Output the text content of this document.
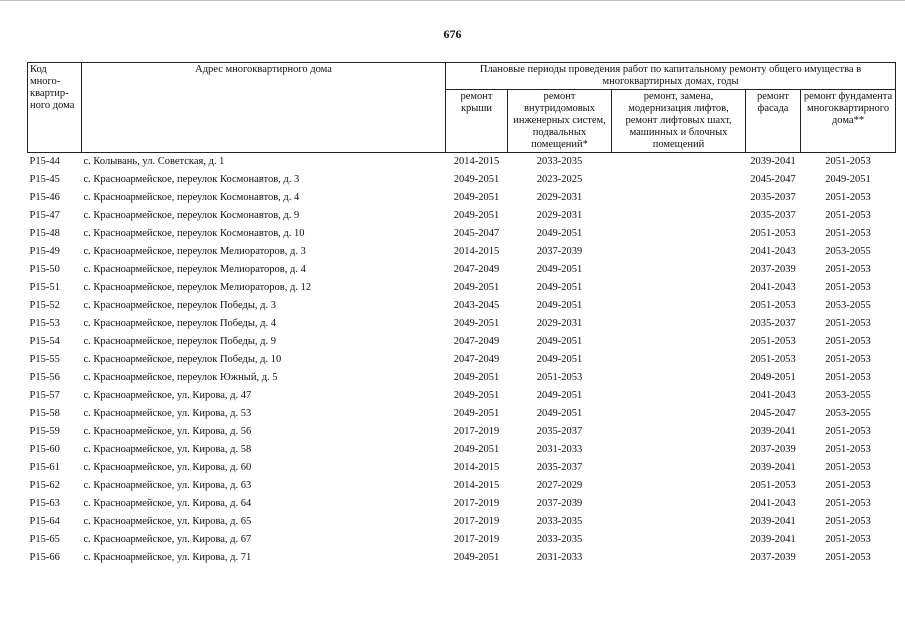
676
Код много-квартир-ного дома	Адрес многоквартирного дома	Плановые периоды проведения работ по капитальному ремонту общего имущества в многоквартирных домах, годы				
		ремонт крыши	ремонт внутридомовых инженерных систем, подвальных помещений*	ремонт, замена, модернизация лифтов, ремонт лифтовых шахт, машинных и блочных помещений	ремонт фасада	ремонт фундамента многоквартирного дома**
P15-44	с. Колывань, ул. Советская, д. 1	2014-2015	2033-2035		2039-2041	2051-2053
P15-45	с. Красноармейское, переулок Космонавтов, д. 3	2049-2051	2023-2025		2045-2047	2049-2051
P15-46	с. Красноармейское, переулок Космонавтов, д. 4	2049-2051	2029-2031		2035-2037	2051-2053
P15-47	с. Красноармейское, переулок Космонавтов, д. 9	2049-2051	2029-2031		2035-2037	2051-2053
P15-48	с. Красноармейское, переулок Космонавтов, д. 10	2045-2047	2049-2051		2051-2053	2051-2053
P15-49	с. Красноармейское, переулок Мелиораторов, д. 3	2014-2015	2037-2039		2041-2043	2053-2055
P15-50	с. Красноармейское, переулок Мелиораторов, д. 4	2047-2049	2049-2051		2037-2039	2051-2053
P15-51	с. Красноармейское, переулок Мелиораторов, д. 12	2049-2051	2049-2051		2041-2043	2051-2053
P15-52	с. Красноармейское, переулок Победы, д. 3	2043-2045	2049-2051		2051-2053	2053-2055
P15-53	с. Красноармейское, переулок Победы, д. 4	2049-2051	2029-2031		2035-2037	2051-2053
P15-54	с. Красноармейское, переулок Победы, д. 9	2047-2049	2049-2051		2051-2053	2051-2053
P15-55	с. Красноармейское, переулок Победы, д. 10	2047-2049	2049-2051		2051-2053	2051-2053
P15-56	с. Красноармейское, переулок Южный, д. 5	2049-2051	2051-2053		2049-2051	2051-2053
P15-57	с. Красноармейское, ул. Кирова, д. 47	2049-2051	2049-2051		2041-2043	2053-2055
P15-58	с. Красноармейское, ул. Кирова, д. 53	2049-2051	2049-2051		2045-2047	2053-2055
P15-59	с. Красноармейское, ул. Кирова, д. 56	2017-2019	2035-2037		2039-2041	2051-2053
P15-60	с. Красноармейское, ул. Кирова, д. 58	2049-2051	2031-2033		2037-2039	2051-2053
P15-61	с. Красноармейское, ул. Кирова, д. 60	2014-2015	2035-2037		2039-2041	2051-2053
P15-62	с. Красноармейское, ул. Кирова, д. 63	2014-2015	2027-2029		2051-2053	2051-2053
P15-63	с. Красноармейское, ул. Кирова, д. 64	2017-2019	2037-2039		2041-2043	2051-2053
P15-64	с. Красноармейское, ул. Кирова, д. 65	2017-2019	2033-2035		2039-2041	2051-2053
P15-65	с. Красноармейское, ул. Кирова, д. 67	2017-2019	2033-2035		2039-2041	2051-2053
P15-66	с. Красноармейское, ул. Кирова, д. 71	2049-2051	2031-2033		2037-2039	2051-2053
